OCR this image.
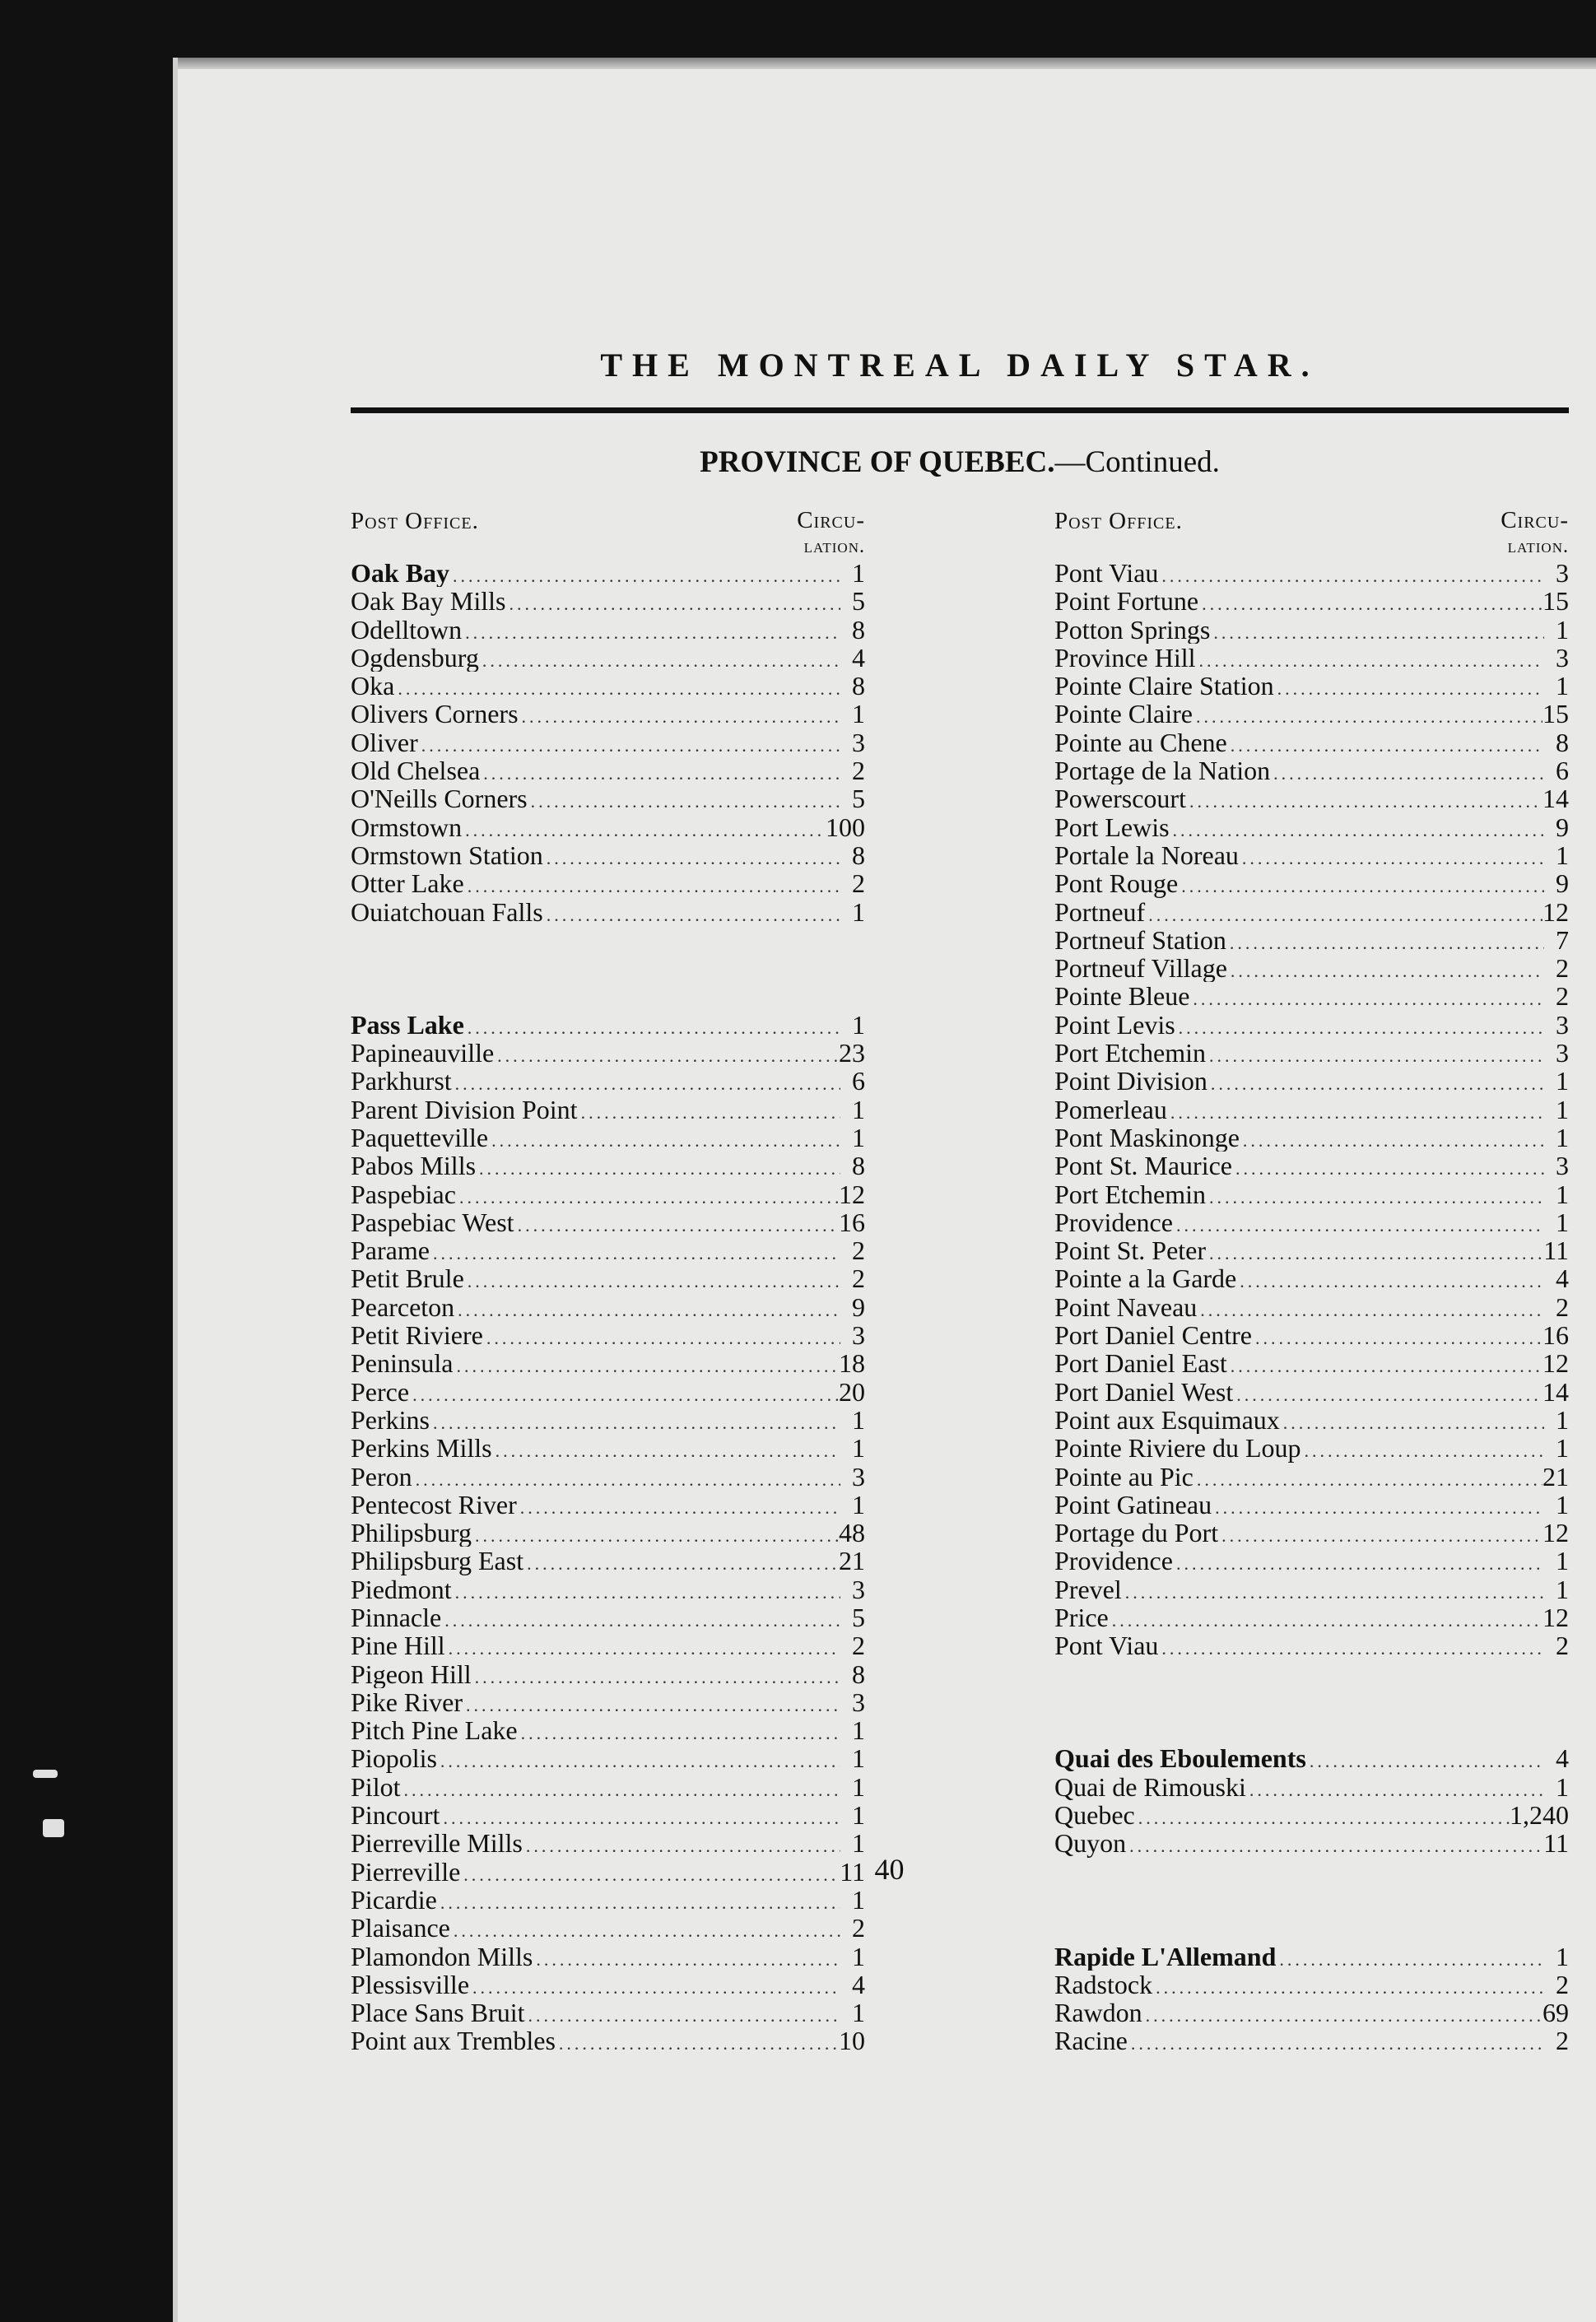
THE MONTREAL DAILY STAR.
PROVINCE OF QUEBEC.—Continued.
Post Office.	Circu-
lation.
Oak Bay .....	1
Oak Bay Mills .....	5
Odelltown .....	8
Ogdensburg .....	4
Oka .....	8
Olivers Corners .....	1
Oliver .....	3
Old Chelsea .....	2
O'Neills Corners .....	5
Ormstown .....	100
Ormstown Station .....	8
Otter Lake .....	2
Ouiatchouan Falls .....	1
Pass Lake .....	1
Papineauville .....	23
Parkhurst .....	6
Parent Division Point .....	1
Paquetteville .....	1
Pabos Mills .....	8
Paspebiac .....	12
Paspebiac West .....	16
Parame .....	2
Petit Brule .....	2
Pearceton .....	9
Petit Riviere .....	3
Peninsula .....	18
Perce .....	20
Perkins .....	1
Perkins Mills .....	1
Peron .....	3
Pentecost River .....	1
Philipsburg .....	48
Philipsburg East .....	21
Piedmont .....	3
Pinnacle .....	5
Pine Hill .....	2
Pigeon Hill .....	8
Pike River .....	3
Pitch Pine Lake .....	1
Piopolis .....	1
Pilot .....	1
Pincourt .....	1
Pierreville Mills .....	1
Pierreville .....	11
Picardie .....	1
Plaisance .....	2
Plamondon Mills .....	1
Plessisville .....	4
Place Sans Bruit .....	1
Point aux Trembles .....	10
Post Office.	Circu-
lation.
Pont Viau .....	3
Point Fortune .....	15
Potton Springs .....	1
Province Hill .....	3
Pointe Claire Station .....	1
Pointe Claire .....	15
Pointe au Chene .....	8
Portage de la Nation .....	6
Powerscourt .....	14
Port Lewis .....	9
Portale la Noreau .....	1
Pont Rouge .....	9
Portneuf .....	12
Portneuf Station .....	7
Portneuf Village .....	2
Pointe Bleue .....	2
Point Levis .....	3
Port Etchemin .....	3
Point Division .....	1
Pomerleau .....	1
Pont Maskinonge .....	1
Pont St. Maurice .....	3
Port Etchemin .....	1
Providence .....	1
Point St. Peter .....	11
Pointe a la Garde .....	4
Point Naveau .....	2
Port Daniel Centre .....	16
Port Daniel East .....	12
Port Daniel West .....	14
Point aux Esquimaux .....	1
Pointe Riviere du Loup .....	1
Pointe au Pic .....	21
Point Gatineau .....	1
Portage du Port .....	12
Providence .....	1
Prevel .....	1
Price .....	12
Pont Viau .....	2
Quai des Eboulements .....	4
Quai de Rimouski .....	1
Quebec .....	1,240
Quyon .....	11
Rapide L'Allemand .....	1
Radstock .....	2
Rawdon .....	69
Racine .....	2
40
